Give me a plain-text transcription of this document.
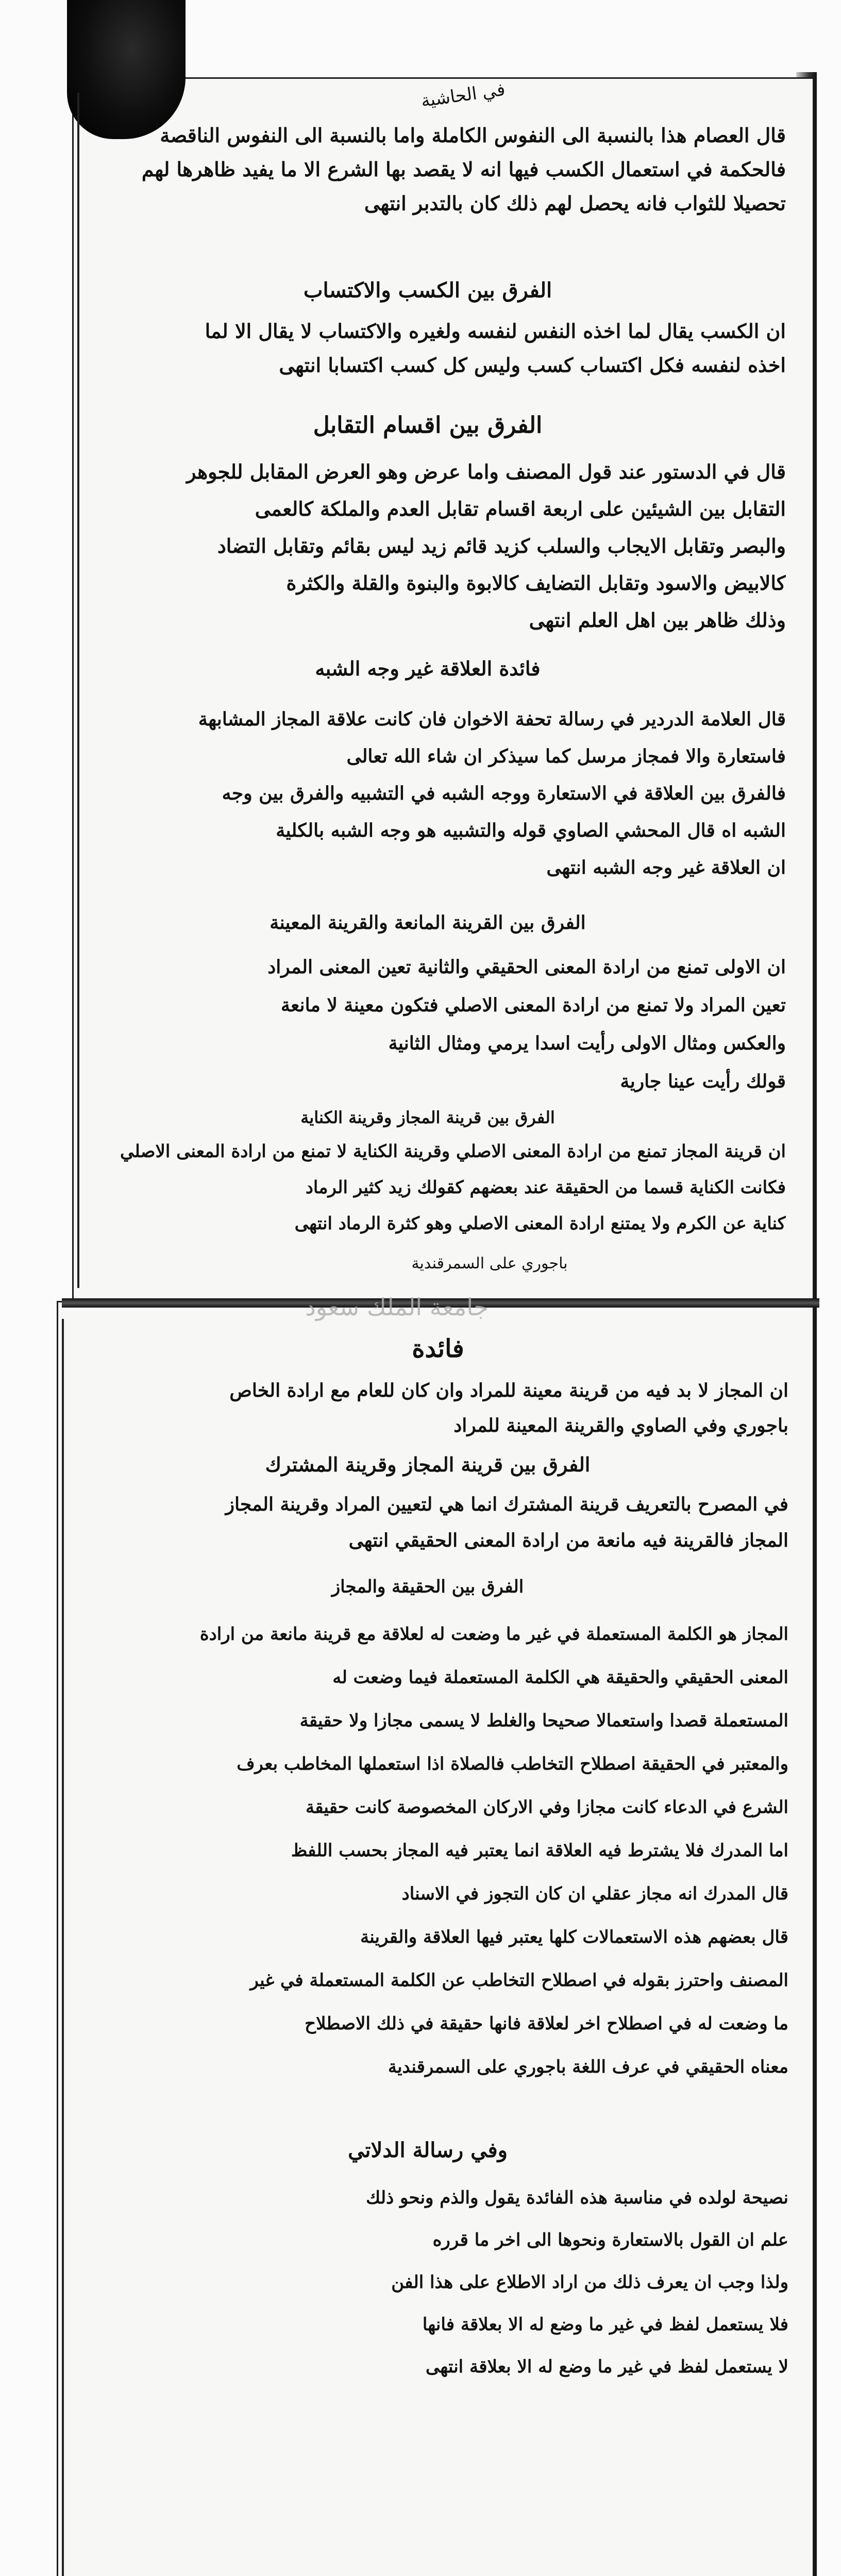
في الحاشية
قال العصام هذا بالنسبة الى النفوس الكاملة واما بالنسبة الى النفوس الناقصة
فالحكمة في استعمال الكسب فيها انه لا يقصد بها الشرع الا ما يفيد ظاهرها لهم
تحصيلا للثواب فانه يحصل لهم ذلك كان بالتدبر انتهى
الفرق بين الكسب والاكتساب
ان الكسب يقال لما اخذه النفس لنفسه ولغيره والاكتساب لا يقال الا لما
اخذه لنفسه فكل اكتساب كسب وليس كل كسب اكتسابا انتهى
الفرق بين اقسام التقابل
قال في الدستور عند قول المصنف واما عرض وهو العرض المقابل للجوهر
التقابل بين الشيئين على اربعة اقسام تقابل العدم والملكة كالعمى
والبصر وتقابل الايجاب والسلب كزيد قائم زيد ليس بقائم وتقابل التضاد
كالابيض والاسود وتقابل التضايف كالابوة والبنوة والقلة والكثرة
وذلك ظاهر بين اهل العلم انتهى
فائدة العلاقة غير وجه الشبه
قال العلامة الدردير في رسالة تحفة الاخوان فان كانت علاقة المجاز المشابهة
فاستعارة والا فمجاز مرسل كما سيذكر ان شاء الله تعالى
فالفرق بين العلاقة في الاستعارة ووجه الشبه في التشبيه والفرق بين وجه
الشبه اه قال المحشي الصاوي قوله والتشبيه هو وجه الشبه بالكلية
ان العلاقة غير وجه الشبه انتهى
الفرق بين القرينة المانعة والقرينة المعينة
ان الاولى تمنع من ارادة المعنى الحقيقي والثانية تعين المعنى المراد
تعين المراد ولا تمنع من ارادة المعنى الاصلي فتكون معينة لا مانعة
والعكس ومثال الاولى رأيت اسدا يرمي ومثال الثانية
قولك رأيت عينا جارية
الفرق بين قرينة المجاز وقرينة الكناية
ان قرينة المجاز تمنع من ارادة المعنى الاصلي وقرينة الكناية لا تمنع من ارادة المعنى الاصلي
فكانت الكناية قسما من الحقيقة عند بعضهم كقولك زيد كثير الرماد
كناية عن الكرم ولا يمتنع ارادة المعنى الاصلي وهو كثرة الرماد انتهى
باجوري على السمرقندية
جامعة الملك سعود
فائدة
ان المجاز لا بد فيه من قرينة معينة للمراد وان كان للعام مع ارادة الخاص
باجوري وفي الصاوي والقرينة المعينة للمراد
الفرق بين قرينة المجاز وقرينة المشترك
في المصرح بالتعريف قرينة المشترك انما هي لتعيين المراد وقرينة المجاز
المجاز فالقرينة فيه مانعة من ارادة المعنى الحقيقي انتهى
الفرق بين الحقيقة والمجاز
المجاز هو الكلمة المستعملة في غير ما وضعت له لعلاقة مع قرينة مانعة من ارادة
المعنى الحقيقي والحقيقة هي الكلمة المستعملة فيما وضعت له
المستعملة قصدا واستعمالا صحيحا والغلط لا يسمى مجازا ولا حقيقة
والمعتبر في الحقيقة اصطلاح التخاطب فالصلاة اذا استعملها المخاطب بعرف
الشرع في الدعاء كانت مجازا وفي الاركان المخصوصة كانت حقيقة
اما المدرك فلا يشترط فيه العلاقة انما يعتبر فيه المجاز بحسب اللفظ
قال المدرك انه مجاز عقلي ان كان التجوز في الاسناد
قال بعضهم هذه الاستعمالات كلها يعتبر فيها العلاقة والقرينة
المصنف واحترز بقوله في اصطلاح التخاطب عن الكلمة المستعملة في غير
ما وضعت له في اصطلاح اخر لعلاقة فانها حقيقة في ذلك الاصطلاح
معناه الحقيقي في عرف اللغة باجوري على السمرقندية
وفي رسالة الدلاتي
نصيحة لولده في مناسبة هذه الفائدة يقول والذم ونحو ذلك
علم ان القول بالاستعارة ونحوها الى اخر ما قرره
ولذا وجب ان يعرف ذلك من اراد الاطلاع على هذا الفن
فلا يستعمل لفظ في غير ما وضع له الا بعلاقة فانها
لا يستعمل لفظ في غير ما وضع له الا بعلاقة انتهى
